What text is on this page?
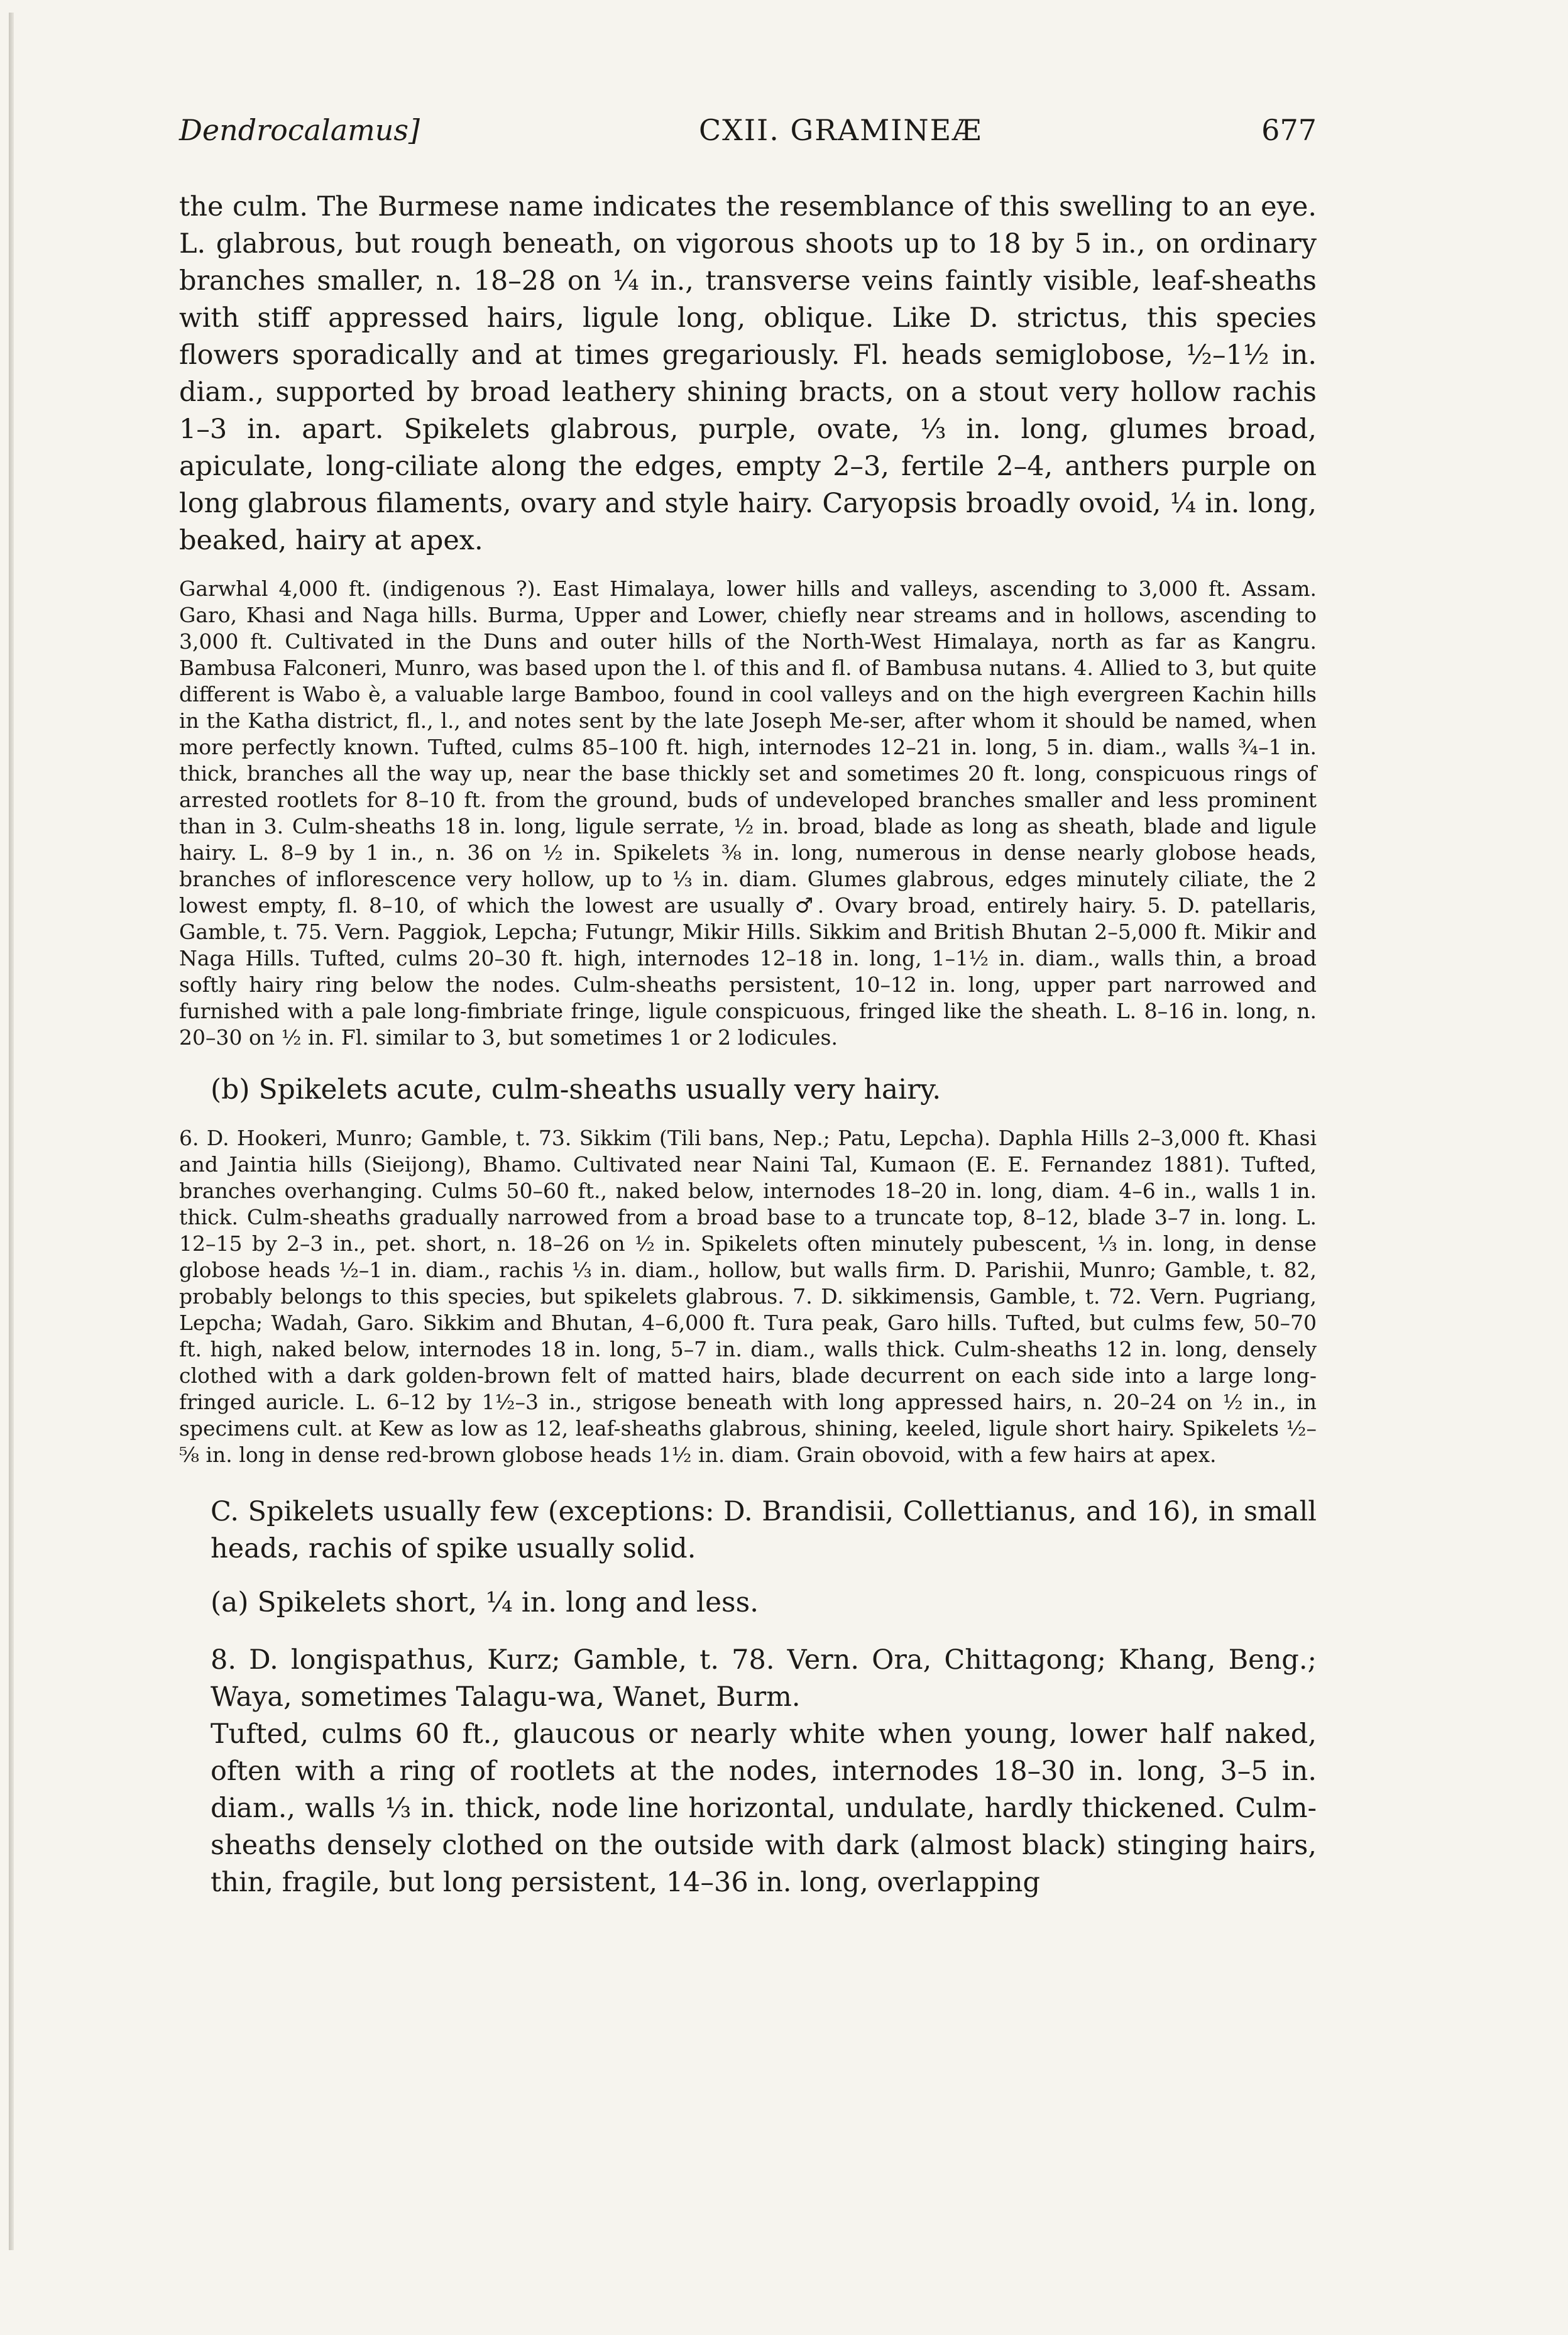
Dendrocalamus]	CXII. GRAMINEÆ	677

the culm. The Burmese name indicates the resemblance of this swelling to an eye. L. glabrous, but rough beneath, on vigorous shoots up to 18 by 5 in., on ordinary branches smaller, n. 18–28 on ¼ in., transverse veins faintly visible, leaf-sheaths with stiff appressed hairs, ligule long, oblique. Like D. strictus, this species flowers sporadically and at times gregariously. Fl. heads semiglobose, ½–1½ in. diam., supported by broad leathery shining bracts, on a stout very hollow rachis 1–3 in. apart. Spikelets glabrous, purple, ovate, ⅓ in. long, glumes broad, apiculate, long-ciliate along the edges, empty 2–3, fertile 2–4, anthers purple on long glabrous filaments, ovary and style hairy. Caryopsis broadly ovoid, ¼ in. long, beaked, hairy at apex.

Garwhal 4,000 ft. (indigenous ?). East Himalaya, lower hills and valleys, ascending to 3,000 ft. Assam. Garo, Khasi and Naga hills. Burma, Upper and Lower, chiefly near streams and in hollows, ascending to 3,000 ft. Cultivated in the Duns and outer hills of the North-West Himalaya, north as far as Kangru. Bambusa Falconeri, Munro, was based upon the l. of this and fl. of Bambusa nutans. 4. Allied to 3, but quite different is Wabo è, a valuable large Bamboo, found in cool valleys and on the high evergreen Kachin hills in the Katha district, fl., l., and notes sent by the late Joseph Me-ser, after whom it should be named, when more perfectly known. Tufted, culms 85–100 ft. high, internodes 12–21 in. long, 5 in. diam., walls ¾–1 in. thick, branches all the way up, near the base thickly set and sometimes 20 ft. long, conspicuous rings of arrested rootlets for 8–10 ft. from the ground, buds of undeveloped branches smaller and less prominent than in 3. Culm-sheaths 18 in. long, ligule serrate, ½ in. broad, blade as long as sheath, blade and ligule hairy. L. 8–9 by 1 in., n. 36 on ½ in. Spikelets ⅜ in. long, numerous in dense nearly globose heads, branches of inflorescence very hollow, up to ⅓ in. diam. Glumes glabrous, edges minutely ciliate, the 2 lowest empty, fl. 8–10, of which the lowest are usually ♂. Ovary broad, entirely hairy. 5. D. patellaris, Gamble, t. 75. Vern. Paggiok, Lepcha; Futungr, Mikir Hills. Sikkim and British Bhutan 2–5,000 ft. Mikir and Naga Hills. Tufted, culms 20–30 ft. high, internodes 12–18 in. long, 1–1½ in. diam., walls thin, a broad softly hairy ring below the nodes. Culm-sheaths persistent, 10–12 in. long, upper part narrowed and furnished with a pale long-fimbriate fringe, ligule conspicuous, fringed like the sheath. L. 8–16 in. long, n. 20–30 on ½ in. Fl. similar to 3, but sometimes 1 or 2 lodicules.

(b) Spikelets acute, culm-sheaths usually very hairy.

6. D. Hookeri, Munro; Gamble, t. 73. Sikkim (Tili bans, Nep.; Patu, Lepcha). Daphla Hills 2–3,000 ft. Khasi and Jaintia hills (Sieijong), Bhamo. Cultivated near Naini Tal, Kumaon (E. E. Fernandez 1881). Tufted, branches overhanging. Culms 50–60 ft., naked below, internodes 18–20 in. long, diam. 4–6 in., walls 1 in. thick. Culm-sheaths gradually narrowed from a broad base to a truncate top, 8–12, blade 3–7 in. long. L. 12–15 by 2–3 in., pet. short, n. 18–26 on ½ in. Spikelets often minutely pubescent, ⅓ in. long, in dense globose heads ½–1 in. diam., rachis ⅓ in. diam., hollow, but walls firm. D. Parishii, Munro; Gamble, t. 82, probably belongs to this species, but spikelets glabrous. 7. D. sikkimensis, Gamble, t. 72. Vern. Pugriang, Lepcha; Wadah, Garo. Sikkim and Bhutan, 4–6,000 ft. Tura peak, Garo hills. Tufted, but culms few, 50–70 ft. high, naked below, internodes 18 in. long, 5–7 in. diam., walls thick. Culm-sheaths 12 in. long, densely clothed with a dark golden-brown felt of matted hairs, blade decurrent on each side into a large long-fringed auricle. L. 6–12 by 1½–3 in., strigose beneath with long appressed hairs, n. 20–24 on ½ in., in specimens cult. at Kew as low as 12, leaf-sheaths glabrous, shining, keeled, ligule short hairy. Spikelets ½–⅝ in. long in dense red-brown globose heads 1½ in. diam. Grain obovoid, with a few hairs at apex.

C. Spikelets usually few (exceptions: D. Brandisii, Collettianus, and 16), in small heads, rachis of spike usually solid.

(a) Spikelets short, ¼ in. long and less.

8. D. longispathus, Kurz; Gamble, t. 78. Vern. Ora, Chittagong; Khang, Beng.; Waya, sometimes Talagu-wa, Wanet, Burm.

Tufted, culms 60 ft., glaucous or nearly white when young, lower half naked, often with a ring of rootlets at the nodes, internodes 18–30 in. long, 3–5 in. diam., walls ⅓ in. thick, node line horizontal, undulate, hardly thickened. Culm-sheaths densely clothed on the outside with dark (almost black) stinging hairs, thin, fragile, but long persistent, 14–36 in. long, overlapping
